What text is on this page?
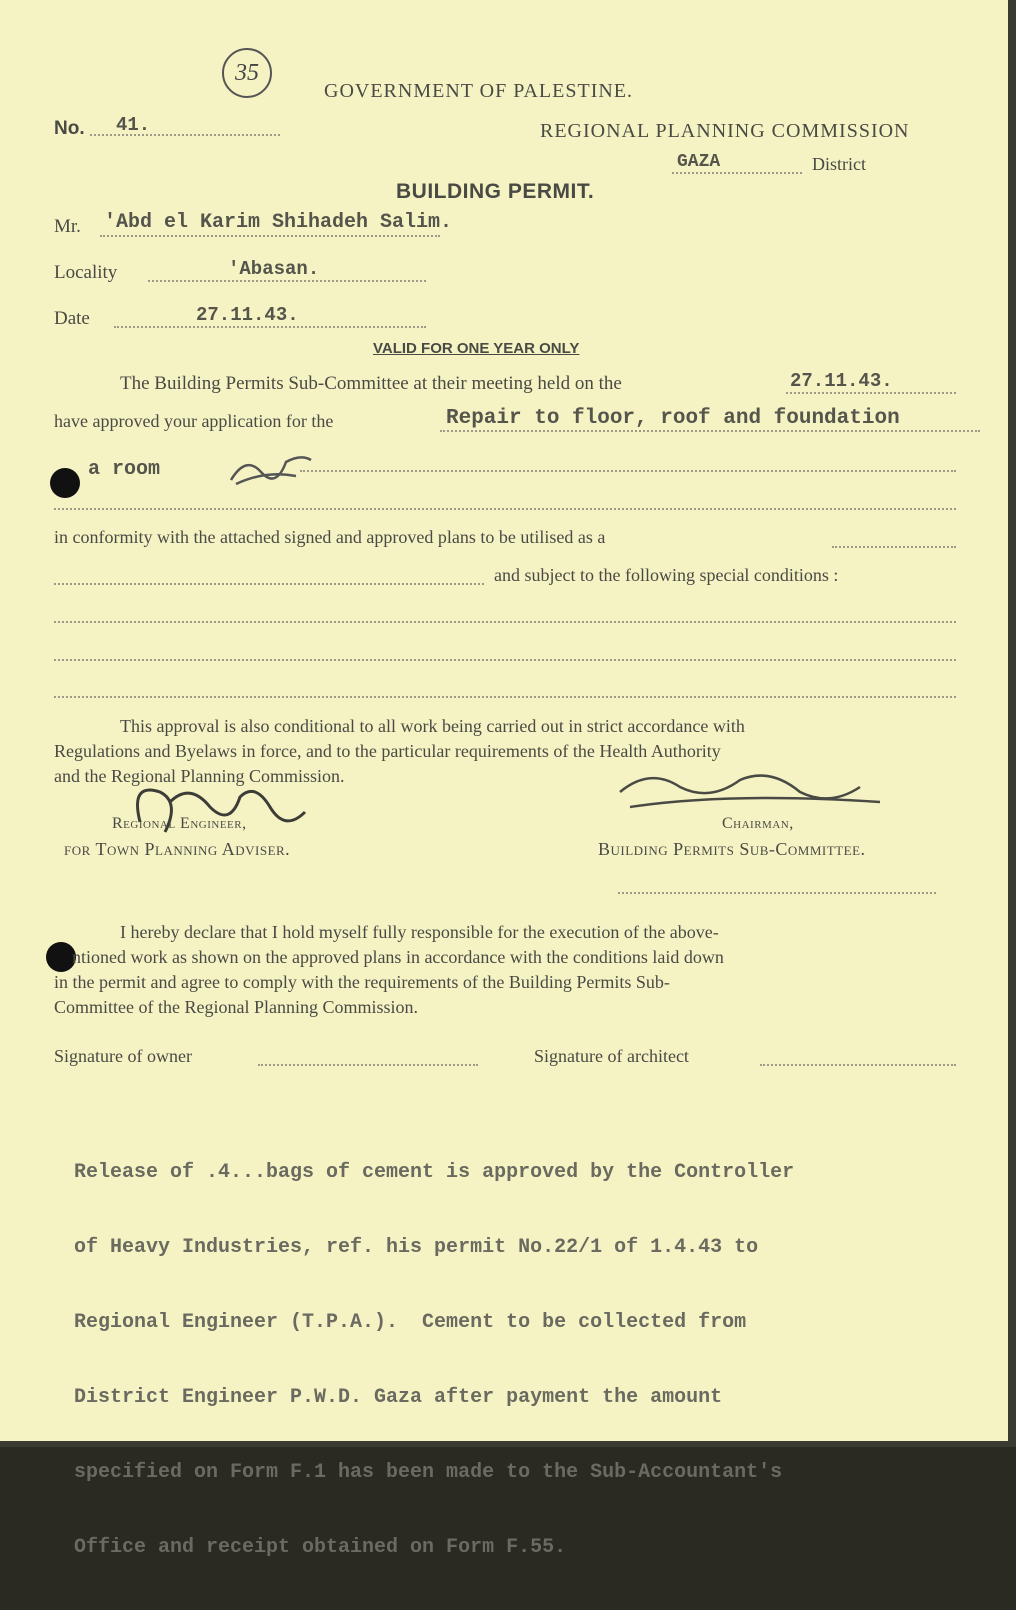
35
GOVERNMENT OF PALESTINE.
No. 41.	REGIONAL PLANNING COMMISSION
GAZA	District
BUILDING PERMIT.
Mr. 'Abd el Karim Shihadeh Salim.
Locality	'Abasan.
Date	27.11.43.
VALID FOR ONE YEAR ONLY
The Building Permits Sub-Committee at their meeting held on the	27.11.43.
have approved your application for the	Repair to floor, roof and foundation
a room
in conformity with the attached signed and approved plans to be utilised as a
and subject to the following special conditions :
This approval is also conditional to all work being carried out in strict accordance with
Regulations and Byelaws in force, and to the particular requirements of the Health Authority
and the Regional Planning Commission.
Regional Engineer,
for Town Planning Adviser.
Chairman,
Building Permits Sub-Committee.
I hereby declare that I hold myself fully responsible for the execution of the above-
ntioned work as shown on the approved plans in accordance with the conditions laid down
in the permit and agree to comply with the requirements of the Building Permits Sub-
Committee of the Regional Planning Commission.
Signature of owner	Signature of architect

Release of .4...bags of cement is approved by the Controller

of Heavy Industries, ref. his permit No.22/1 of 1.4.43 to

Regional Engineer (T.P.A.).  Cement to be collected from

District Engineer P.W.D. Gaza after payment the amount

specified on Form F.1 has been made to the Sub-Accountant's

Office and receipt obtained on Form F.55.
